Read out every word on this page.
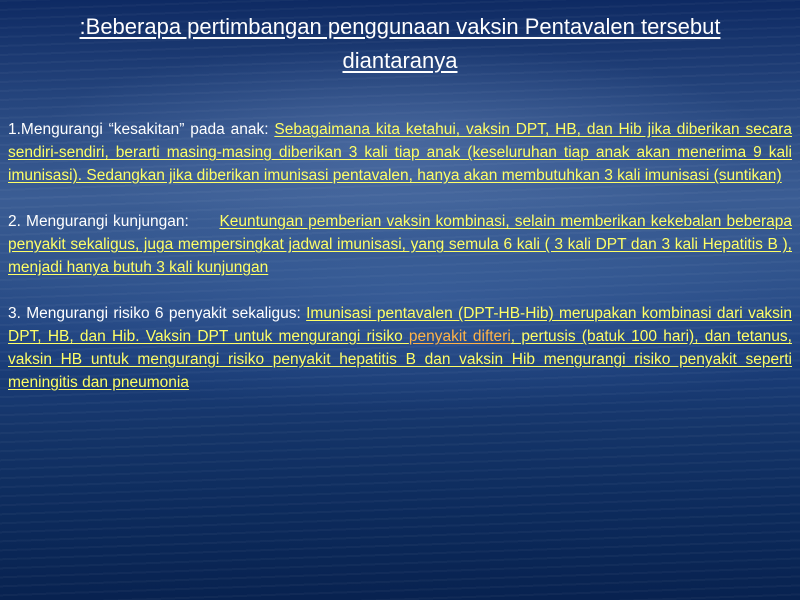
:Beberapa pertimbangan penggunaan vaksin Pentavalen tersebut diantaranya

1.Mengurangi “kesakitan” pada anak: Sebagaimana kita ketahui, vaksin DPT, HB, dan Hib jika diberikan secara sendiri-sendiri, berarti masing-masing diberikan 3 kali tiap anak (keseluruhan tiap anak akan menerima 9 kali imunisasi). Sedangkan jika diberikan imunisasi pentavalen, hanya akan membutuhkan 3 kali imunisasi (suntikan)

2. Mengurangi kunjungan:      Keuntungan pemberian vaksin kombinasi, selain memberikan kekebalan beberapa penyakit sekaligus, juga mempersingkat jadwal imunisasi, yang semula 6 kali ( 3 kali DPT dan 3 kali Hepatitis B ), menjadi hanya butuh 3 kali kunjungan

3. Mengurangi risiko 6 penyakit sekaligus: Imunisasi pentavalen (DPT-HB-Hib) merupakan kombinasi dari vaksin DPT, HB, dan Hib. Vaksin DPT untuk mengurangi risiko penyakit difteri, pertusis (batuk 100 hari), dan tetanus, vaksin HB untuk mengurangi risiko penyakit hepatitis B dan vaksin Hib mengurangi risiko penyakit seperti meningitis dan pneumonia
